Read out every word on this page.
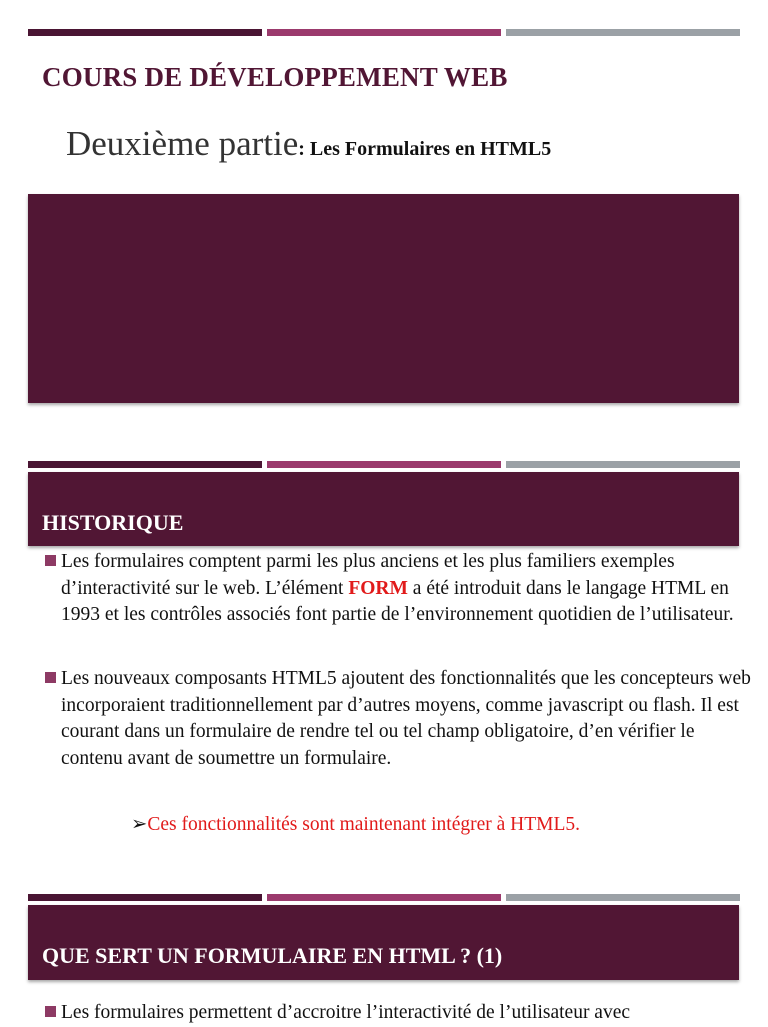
COURS DE DÉVELOPPEMENT WEB
Deuxième partie: Les Formulaires en HTML5
HISTORIQUE
Les formulaires comptent parmi les plus anciens et les plus familiers exemples d’interactivité sur le web. L’élément FORM a été introduit dans le langage HTML en 1993 et les contrôles associés font partie de l’environnement quotidien de l’utilisateur.
Les nouveaux composants HTML5 ajoutent des fonctionnalités que les concepteurs web incorporaient traditionnellement par d’autres moyens, comme javascript ou flash. Il est courant dans un formulaire de rendre tel ou tel champ obligatoire, d’en vérifier le contenu avant de soumettre un formulaire.
➢Ces fonctionnalités sont maintenant intégrer à HTML5.
QUE SERT UN FORMULAIRE EN HTML ? (1)
Les formulaires permettent d’accroitre l’interactivité de l’utilisateur avec
